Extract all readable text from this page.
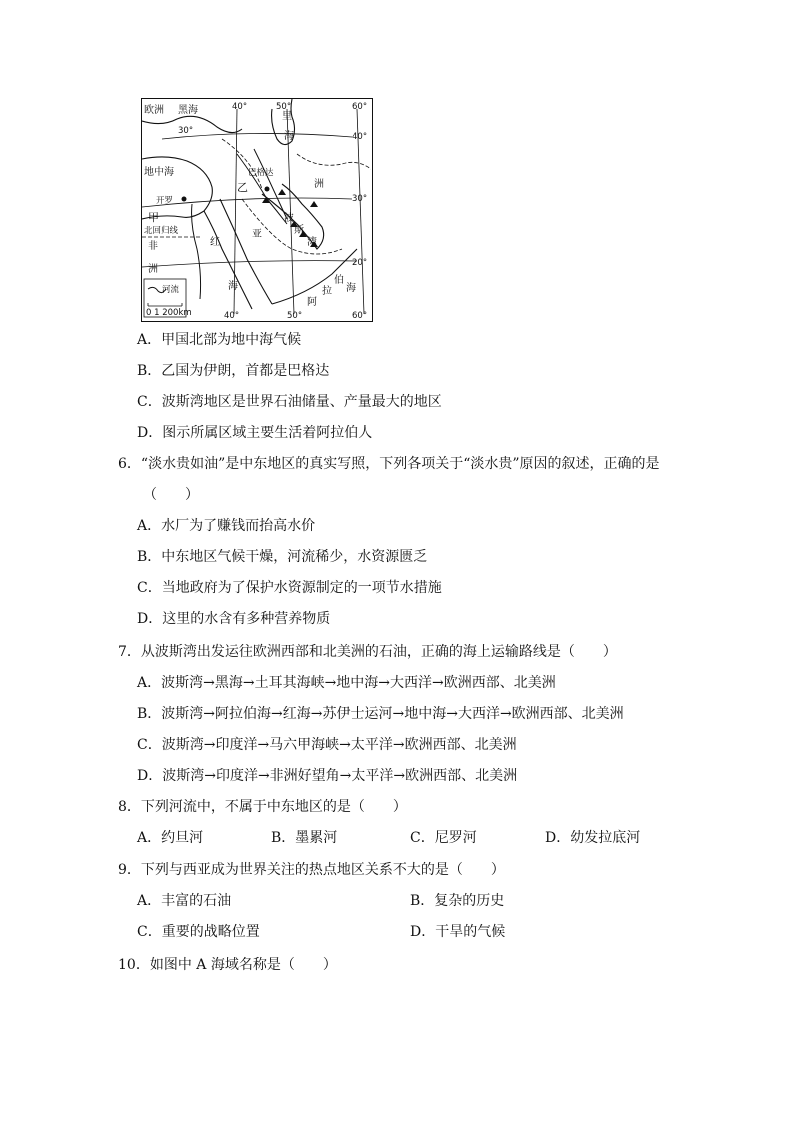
欧洲 黑海
里
海
洲
地中海	巴格达
乙
开罗
甲
北回归线
非
洲
红
海
亚
波
斯
湾
阿
拉
伯
海
40°	50°	60°
30°
40°
30°
20°
40°	50°	60°
河流
0 1 200km
A．甲国北部为地中海气候
B．乙国为伊朗，首都是巴格达
C．波斯湾地区是世界石油储量、产量最大的地区
D．图示所属区域主要生活着阿拉伯人
6．“淡水贵如油”是中东地区的真实写照，下列各项关于“淡水贵”原因的叙述，正确的是
（　　）
A．水厂为了赚钱而抬高水价
B．中东地区气候干燥，河流稀少，水资源匮乏
C．当地政府为了保护水资源制定的一项节水措施
D．这里的水含有多种营养物质
7．从波斯湾出发运往欧洲西部和北美洲的石油，正确的海上运输路线是（　　）
A．波斯湾→黑海→土耳其海峡→地中海→大西洋→欧洲西部、北美洲
B．波斯湾→阿拉伯海→红海→苏伊士运河→地中海→大西洋→欧洲西部、北美洲
C．波斯湾→印度洋→马六甲海峡→太平洋→欧洲西部、北美洲
D．波斯湾→印度洋→非洲好望角→太平洋→欧洲西部、北美洲
8．下列河流中，不属于中东地区的是（　　）
A．约旦河	B．墨累河	C．尼罗河	D．幼发拉底河
9．下列与西亚成为世界关注的热点地区关系不大的是（　　）
A．丰富的石油	B．复杂的历史
C．重要的战略位置	D．干旱的气候
10．如图中 A 海域名称是（　　）
